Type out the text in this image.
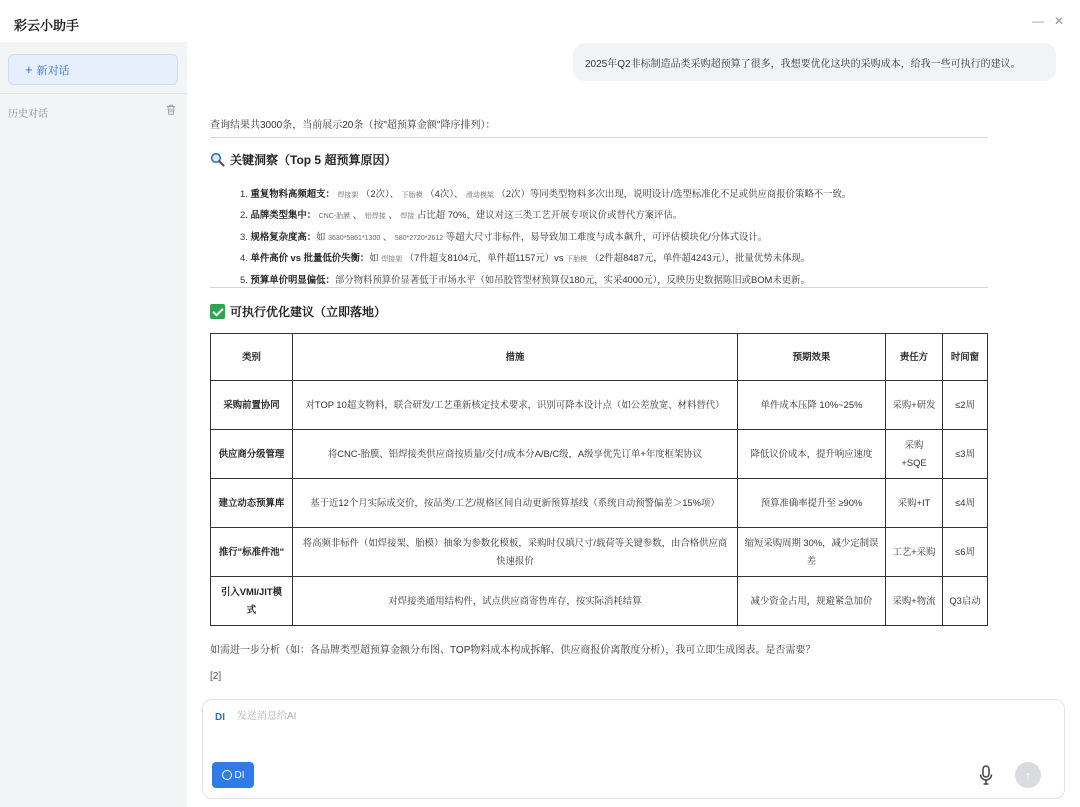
彩云小助手	— ✕
+ 新对话
历史对话
2025年Q2非标制造品类采购超预算了很多，我想要优化这块的采购成本，给我一些可执行的建议。
查询结果共3000条，当前展示20条（按"超预算金额"降序排列）：
关键洞察（Top 5 超预算原因）
1. 重复物料高频超支： 焊接架 （2次）、 下胎模 （4次）、 滑动模架 （2次）等同类型物料多次出现，说明设计/选型标准化不足或供应商报价策略不一致。
2. 品牌类型集中： CNC-胎膜 、 铝焊接 、 焊接 占比超 70%，建议对这三类工艺开展专项议价或替代方案评估。
3. 规格复杂度高：如 3630*5861*1300 、 580*2720*2612 等超大尺寸非标件，易导致加工难度与成本飙升，可评估模块化/分体式设计。
4. 单件高价 vs 批量低价失衡：如 焊接架 （7件超支8104元，单件超1157元）vs 下胎模 （2件超8487元，单件超4243元），批量优势未体现。
5. 预算单价明显偏低：部分物料预算价显著低于市场水平（如吊胶管型材预算仅180元，实采4000元），反映历史数据陈旧或BOM未更新。
可执行优化建议（立即落地）
类别	措施	预期效果	责任方	时间窗
采购前置协同	对TOP 10超支物料，联合研发/工艺重新核定技术要求，识别可降本设计点（如公差放宽、材料替代）	单件成本压降 10%~25%	采购+研发	≤2周
供应商分级管理	将CNC-胎膜、铝焊接类供应商按质量/交付/成本分A/B/C级，A级享优先订单+年度框架协议	降低议价成本，提升响应速度	采购+SQE	≤3周
建立动态预算库	基于近12个月实际成交价，按品类/工艺/规格区间自动更新预算基线（系统自动预警偏差＞15%项）	预算准确率提升至 ≥90%	采购+IT	≤4周
推行"标准件池"	将高频非标件（如焊接架、胎模）抽象为参数化模板，采购时仅填尺寸/载荷等关键参数，由合格供应商快速报价	缩短采购周期 30%，减少定制误差	工艺+采购	≤6周
引入VMI/JIT模式	对焊接类通用结构件，试点供应商寄售库存，按实际消耗结算	减少资金占用，规避紧急加价	采购+物流	Q3启动
如需进一步分析（如：各品牌类型超预算金额分布图、TOP物料成本构成拆解、供应商报价离散度分析），我可立即生成图表。是否需要？
[2]
DI
发送消息给AI
DI	↑
